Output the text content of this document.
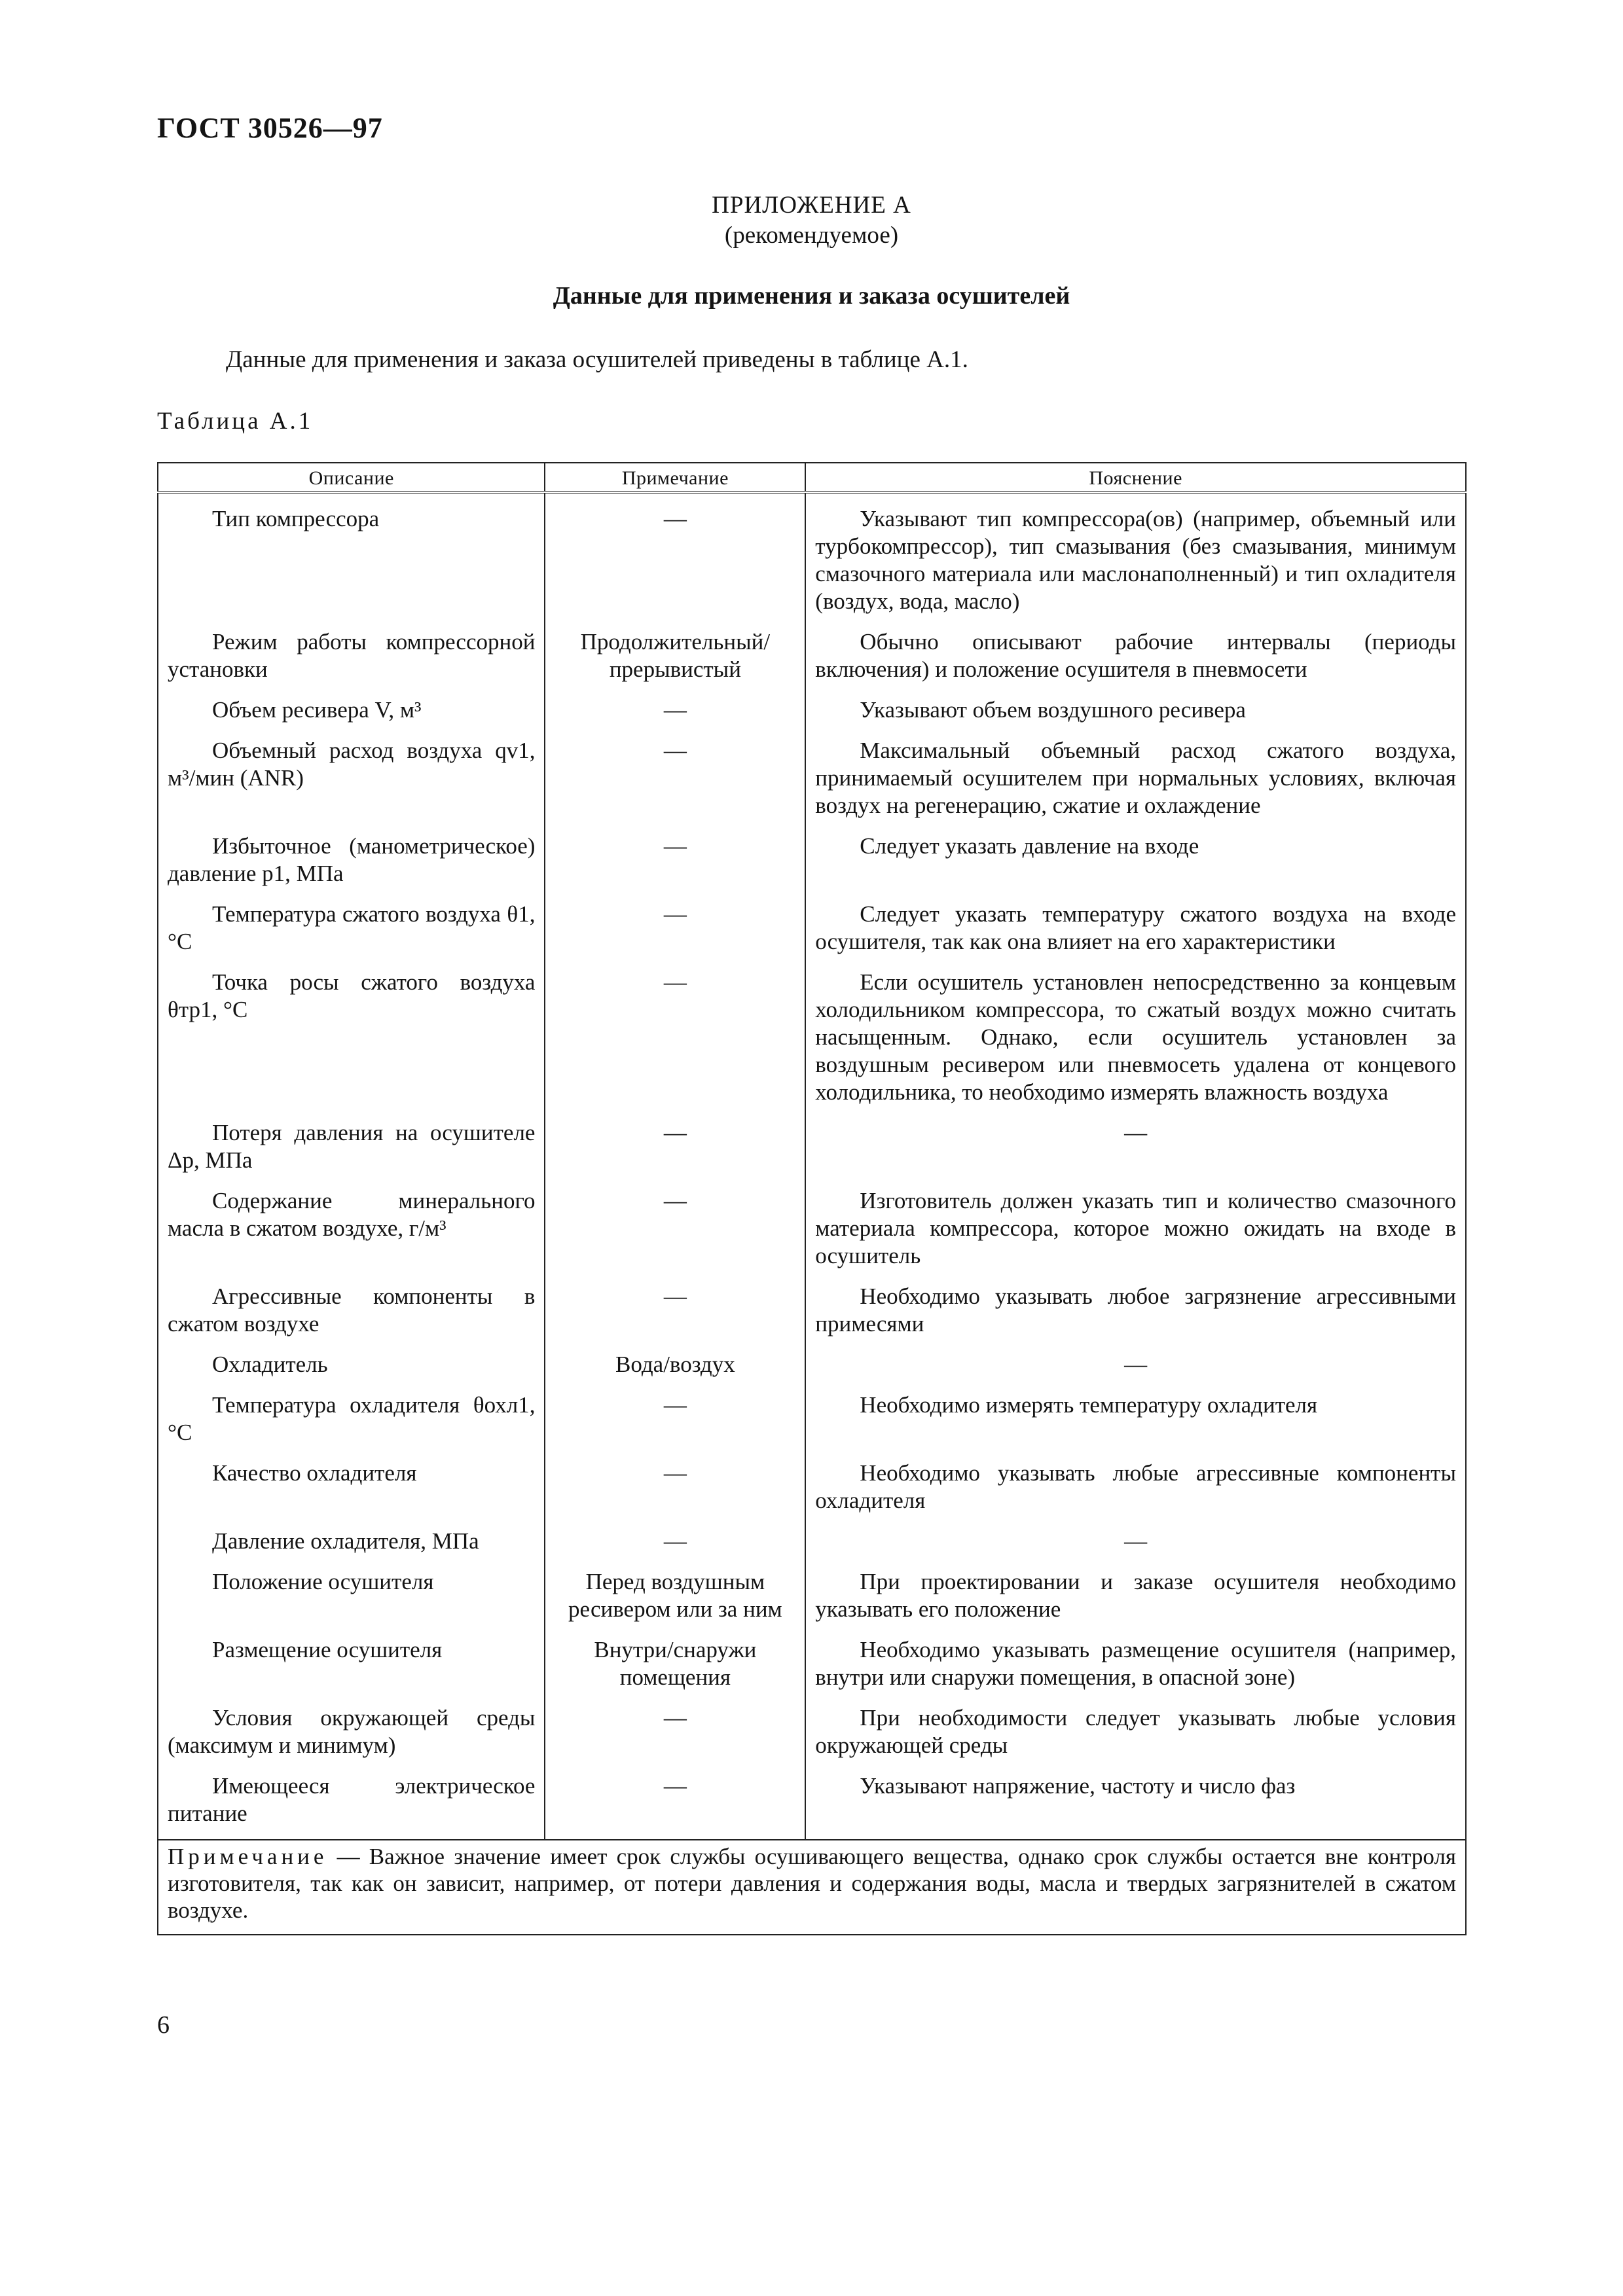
ГОСТ 30526—97
ПРИЛОЖЕНИЕ А
(рекомендуемое)
Данные для применения и заказа осушителей
Данные для применения и заказа осушителей приведены в таблице А.1.
Таблица А.1
Описание	Примечание	Пояснение

Тип компрессора	—	Указывают тип компрессора(ов) (например, объемный или турбокомпрессор), тип смазывания (без смазывания, минимум смазочного материала или маслонаполненный) и тип охладителя (воздух, вода, масло)

Режим работы компрессорной установки	Продолжительный/прерывистый	Обычно описывают рабочие интервалы (периоды включения) и положение осушителя в пневмосети

Объем ресивера V, м³	—	Указывают объем воздушного ресивера

Объемный расход воздуха qv1, м³/мин (ANR)	—	Максимальный объемный расход сжатого воздуха, принимаемый осушителем при нормальных условиях, включая воздух на регенерацию, сжатие и охлаждение

Избыточное (манометрическое) давление p1, МПа	—	Следует указать давление на входе

Температура сжатого воздуха θ1, °C	—	Следует указать температуру сжатого воздуха на входе осушителя, так как она влияет на его характеристики

Точка росы сжатого воздуха θтр1, °C	—	Если осушитель установлен непосредственно за концевым холодильником компрессора, то сжатый воздух можно считать насыщенным. Однако, если осушитель установлен за воздушным ресивером или пневмосеть удалена от концевого холодильника, то необходимо измерять влажность воздуха

Потеря давления на осушителе Δp, МПа	—	—

Содержание минерального масла в сжатом воздухе, г/м³	—	Изготовитель должен указать тип и количество смазочного материала компрессора, которое можно ожидать на входе в осушитель

Агрессивные компоненты в сжатом воздухе	—	Необходимо указывать любое загрязнение агрессивными примесями

Охладитель	Вода/воздух	—

Температура охладителя θохл1, °C	—	Необходимо измерять температуру охладителя

Качество охладителя	—	Необходимо указывать любые агрессивные компоненты охладителя

Давление охладителя, МПа	—	—

Положение осушителя	Перед воздушным ресивером или за ним	При проектировании и заказе осушителя необходимо указывать его положение

Размещение осушителя	Внутри/снаружи помещения	Необходимо указывать размещение осушителя (например, внутри или снаружи помещения, в опасной зоне)

Условия окружающей среды (максимум и минимум)	—	При необходимости следует указывать любые условия окружающей среды

Имеющееся электрическое питание	—	Указывают напряжение, частоту и число фаз

Примечание — Важное значение имеет срок службы осушивающего вещества, однако срок службы остается вне контроля изготовителя, так как он зависит, например, от потери давления и содержания воды, масла и твердых загрязнителей в сжатом воздухе.		
6
